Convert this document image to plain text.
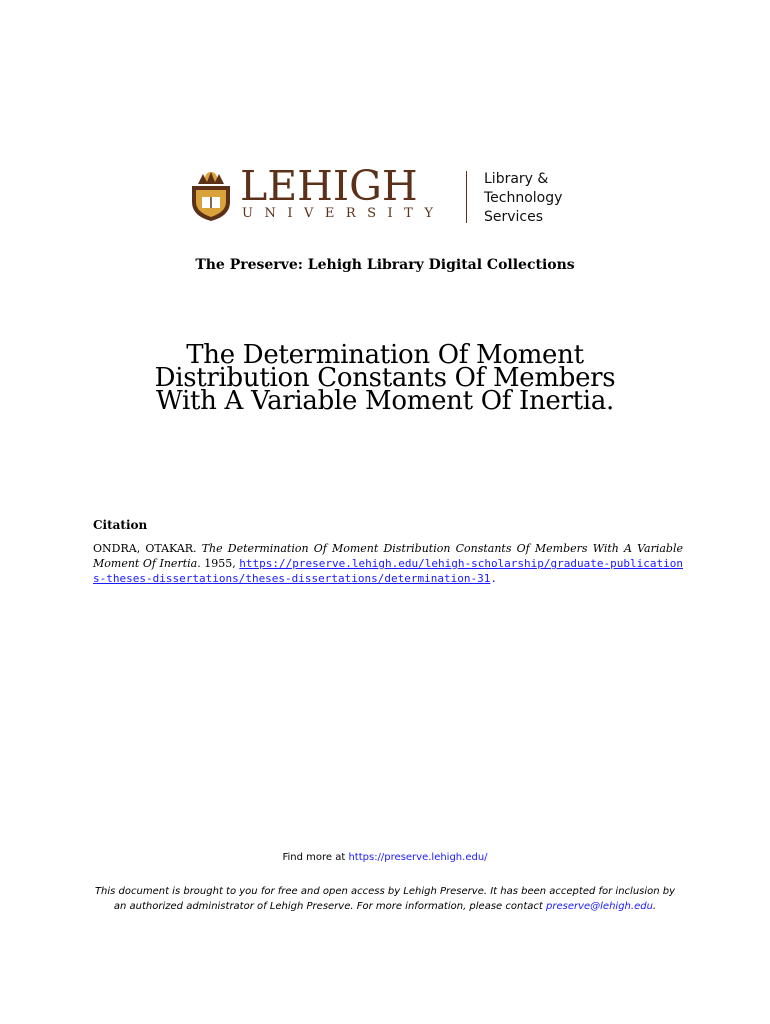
LEHIGH
UNIVERSITY
Library &
Technology
Services
The Preserve: Lehigh Library Digital Collections
The Determination Of Moment
Distribution Constants Of Members
With A Variable Moment Of Inertia.
Citation
ONDRA, OTAKAR. The Determination Of Moment Distribution Constants Of Members With A Variable Moment Of Inertia. 1955, https://preserve.lehigh.edu/lehigh-scholarship/graduate-publications-theses-dissertations/theses-dissertations/determination-31.
Find more at https://preserve.lehigh.edu/
This document is brought to you for free and open access by Lehigh Preserve. It has been accepted for inclusion by an authorized administrator of Lehigh Preserve. For more information, please contact preserve@lehigh.edu.
